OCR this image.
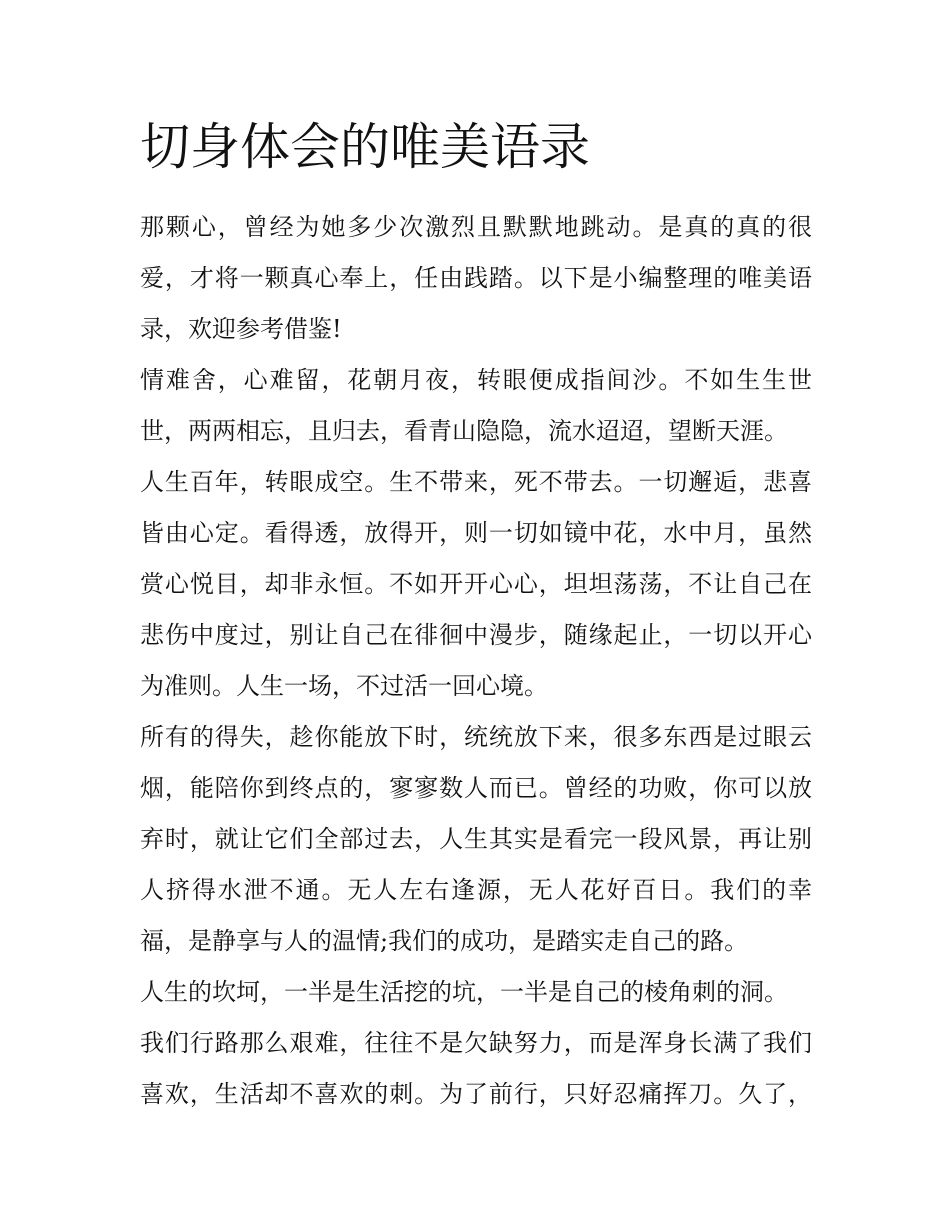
切身体会的唯美语录
那颗心，曾经为她多少次激烈且默默地跳动。是真的真的很
爱，才将一颗真心奉上，任由践踏。以下是小编整理的唯美语
录，欢迎参考借鉴!
情难舍，心难留，花朝月夜，转眼便成指间沙。不如生生世
世，两两相忘，且归去，看青山隐隐，流水迢迢，望断天涯。
人生百年，转眼成空。生不带来，死不带去。一切邂逅，悲喜
皆由心定。看得透，放得开，则一切如镜中花，水中月，虽然
赏心悦目，却非永恒。不如开开心心，坦坦荡荡，不让自己在
悲伤中度过，别让自己在徘徊中漫步，随缘起止，一切以开心
为准则。人生一场，不过活一回心境。
所有的得失，趁你能放下时，统统放下来，很多东西是过眼云
烟，能陪你到终点的，寥寥数人而已。曾经的功败，你可以放
弃时，就让它们全部过去，人生其实是看完一段风景，再让别
人挤得水泄不通。无人左右逢源，无人花好百日。我们的幸
福，是静享与人的温情;我们的成功，是踏实走自己的路。
人生的坎坷，一半是生活挖的坑，一半是自己的棱角刺的洞。
我们行路那么艰难，往往不是欠缺努力，而是浑身长满了我们
喜欢，生活却不喜欢的刺。为了前行，只好忍痛挥刀。久了，
